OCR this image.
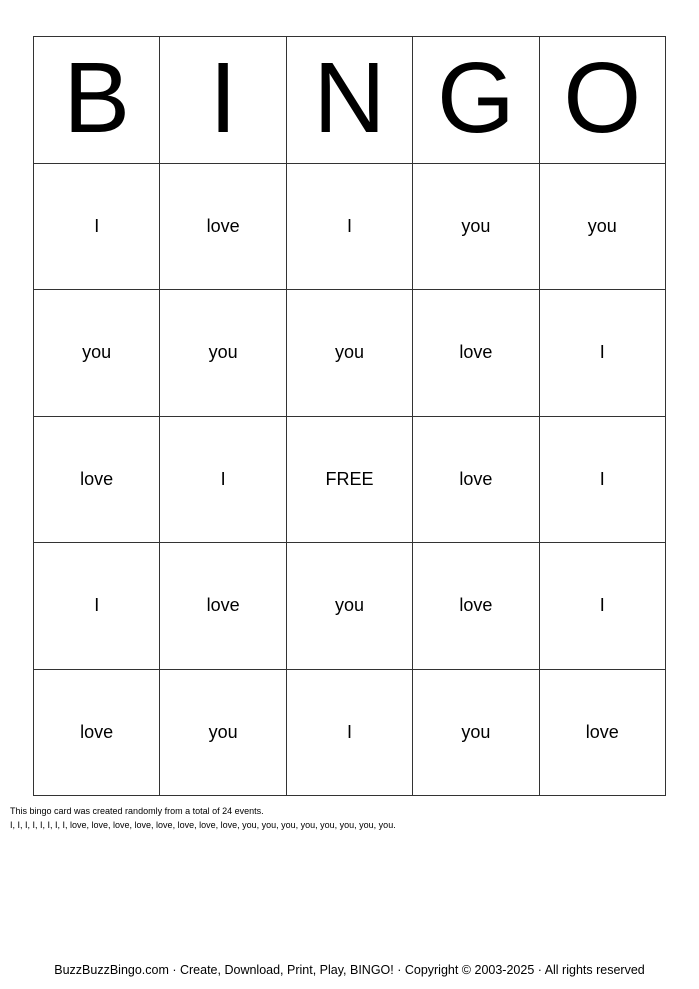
B I N G O
I	love	I	you	you
you	you	you	love	I
love	I	FREE	love	I
I	love	you	love	I
love	you	I	you	love
This bingo card was created randomly from a total of 24 events.
I, I, I, I, I, I, I, I, love, love, love, love, love, love, love, love, you, you, you, you, you, you, you, you.
BuzzBuzzBingo.com · Create, Download, Print, Play, BINGO! · Copyright © 2003-2025 · All rights reserved
